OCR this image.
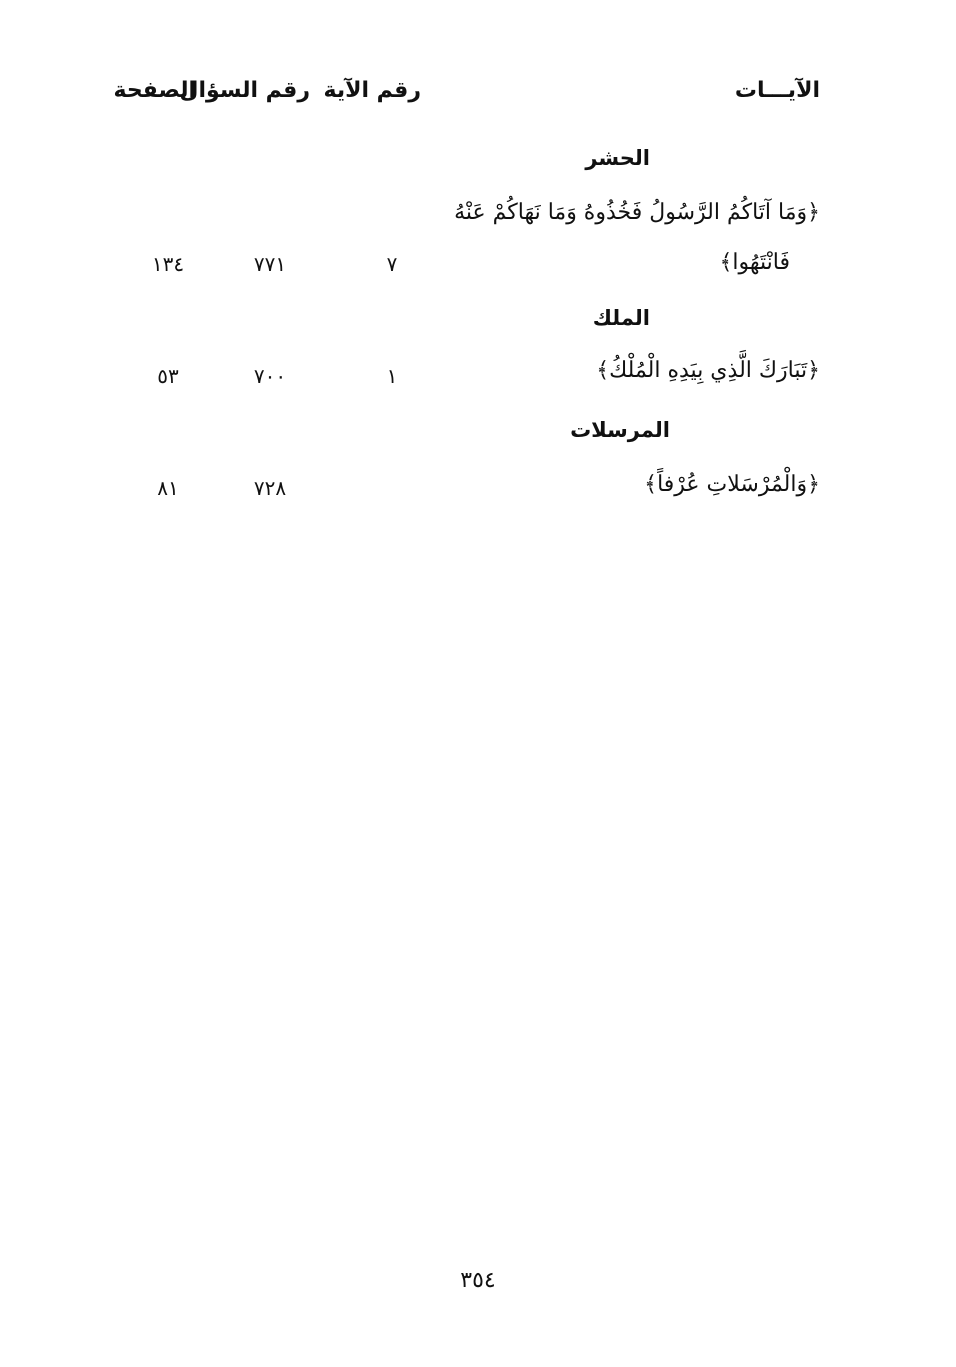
الآيـــات
رقم الآية
رقم السؤال
الصفحة
الحشر
﴿وَمَا آتَاكُمُ الرَّسُولُ فَخُذُوهُ وَمَا نَهَاكُمْ عَنْهُ
فَانْتَهُوا﴾
٧
٧٧١
١٣٤
الملك
﴿تَبَارَكَ الَّذِي بِيَدِهِ الْمُلْكُ﴾
١
٧٠٠
٥٣
المرسلات
﴿وَالْمُرْسَلاتِ عُرْفاً﴾
٧٢٨
٨١
٣٥٤
